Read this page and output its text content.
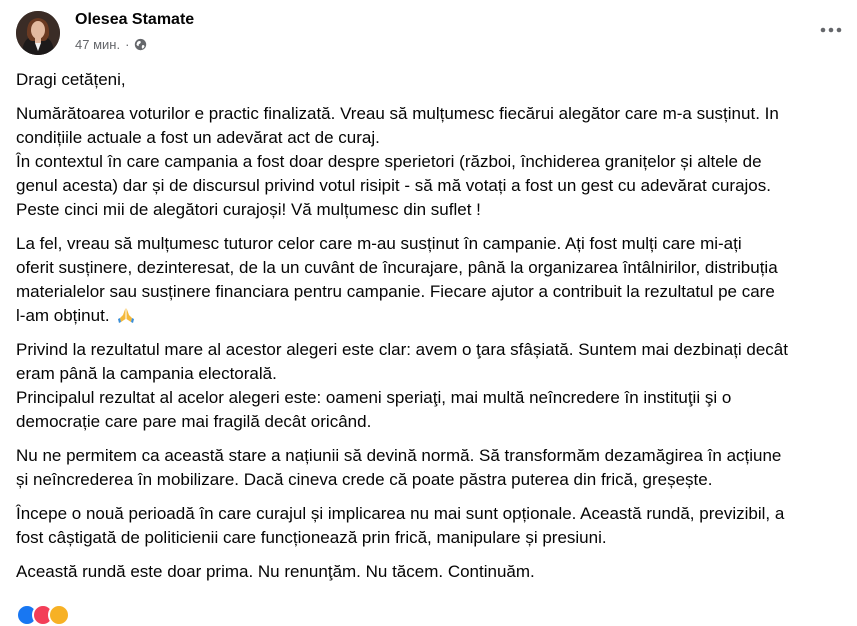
Olesea Stamate
47 мин. ·

Dragi cetățeni,

Numărătoarea voturilor e practic finalizată. Vreau să mulțumesc fiecărui alegător care m-a susținut. In

condițiile actuale a fost un adevărat act de curaj.

În contextul în care campania a fost doar despre sperietori (război, închiderea granițelor și altele de

genul acesta) dar și de discursul privind votul risipit - să mă votați a fost un gest cu adevărat curajos.

Peste cinci mii de alegători curajoși! Vă mulțumesc din suflet !

La fel, vreau să mulțumesc tuturor celor care m-au susținut în campanie. Ați fost mulți care mi-ați

oferit susținere, dezinteresat, de la un cuvânt de încurajare, până la organizarea întâlnirilor, distribuția

materialelor sau susținere financiara pentru campanie. Fiecare ajutor a contribuit la rezultatul pe care

l-am obținut.

Privind la rezultatul mare al acestor alegeri este clar: avem o ţara sfâșiată. Suntem mai dezbinați decât

eram până la campania electorală.

Principalul rezultat al acelor alegeri este: oameni speriaţi, mai multă neîncredere în instituţii şi o

democrație care pare mai fragilă decât oricând.

Nu ne permitem ca această stare a națiunii să devină normă. Să transformăm dezamăgirea în acțiune

și neîncrederea în mobilizare. Dacă cineva crede că poate păstra puterea din frică, greșește.

Începe o nouă perioadă în care curajul și implicarea nu mai sunt opționale. Această rundă, previzibil, a

fost câștigată de politicienii care funcționează prin frică, manipulare și presiuni.

Această rundă este doar prima. Nu renunţăm. Nu tăcem. Continuăm.
